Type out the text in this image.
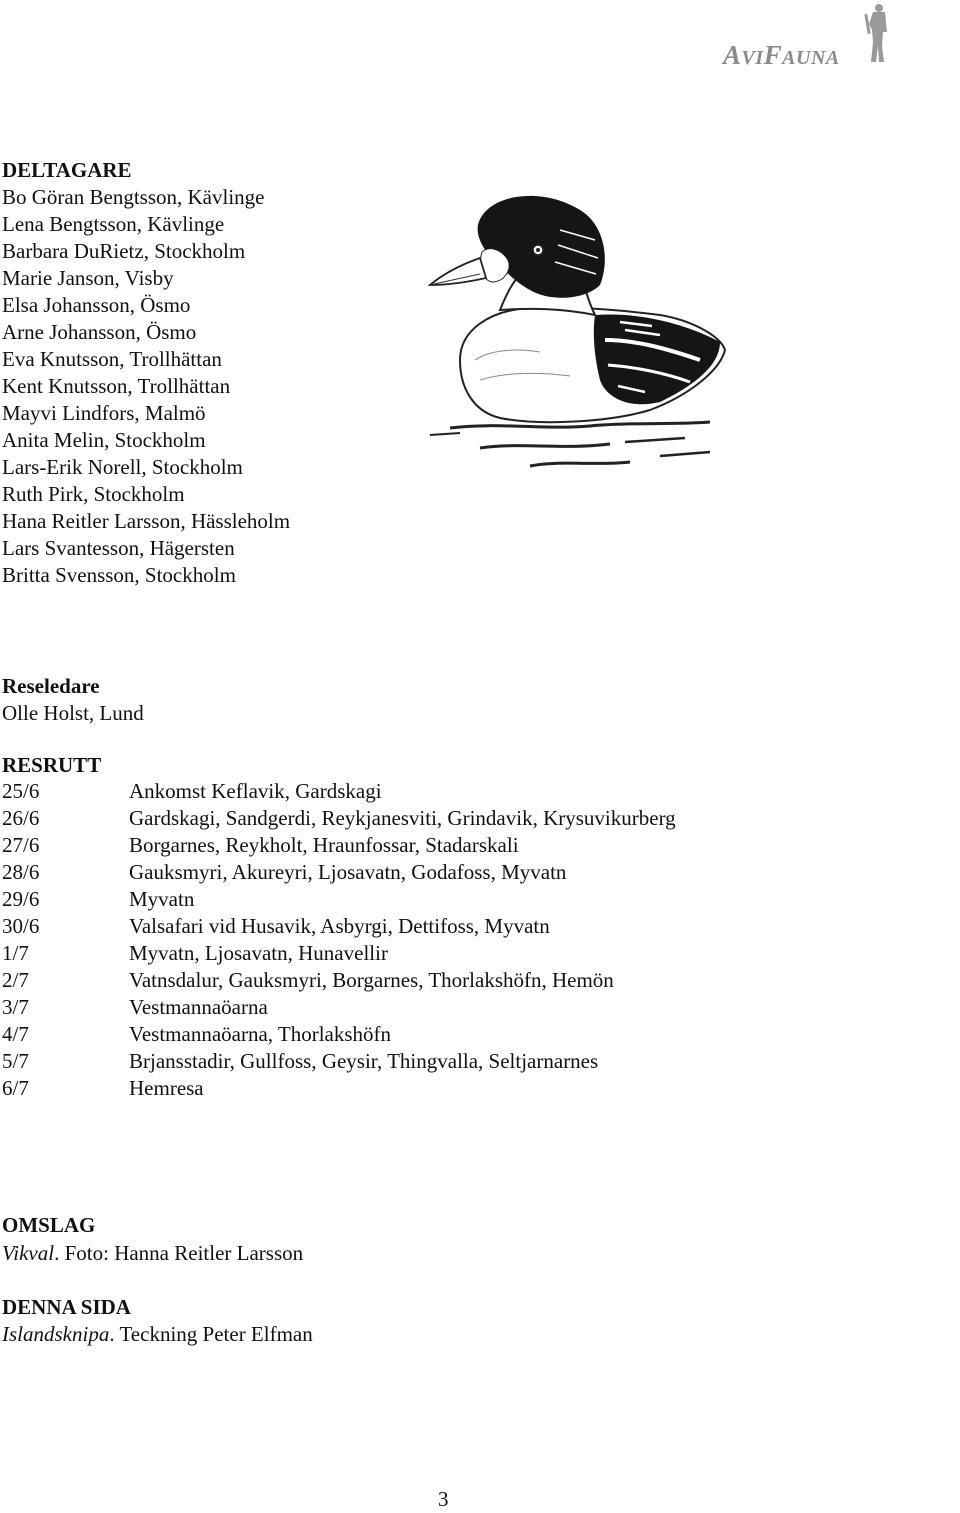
AVIFAUNA
DELTAGARE
Bo Göran Bengtsson, Kävlinge
Lena Bengtsson, Kävlinge
Barbara DuRietz, Stockholm
Marie Janson, Visby
Elsa Johansson, Ösmo
Arne Johansson, Ösmo
Eva Knutsson, Trollhättan
Kent Knutsson, Trollhättan
Mayvi Lindfors, Malmö
Anita Melin, Stockholm
Lars-Erik Norell, Stockholm
Ruth Pirk, Stockholm
Hana Reitler Larsson, Hässleholm
Lars Svantesson, Hägersten
Britta Svensson, Stockholm
Reseledare
Olle Holst, Lund
RESRUTT
25/6	Ankomst Keflavik, Gardskagi
26/6	Gardskagi, Sandgerdi, Reykjanesviti, Grindavik, Krysuvikurberg
27/6	Borgarnes, Reykholt, Hraunfossar, Stadarskali
28/6	Gauksmyri, Akureyri, Ljosavatn, Godafoss, Myvatn
29/6	Myvatn
30/6	Valsafari vid Husavik, Asbyrgi, Dettifoss, Myvatn
1/7	Myvatn, Ljosavatn, Hunavellir
2/7	Vatnsdalur, Gauksmyri, Borgarnes, Thorlakshöfn, Hemön
3/7	Vestmannaöarna
4/7	Vestmannaöarna, Thorlakshöfn
5/7	Brjansstadir, Gullfoss, Geysir, Thingvalla, Seltjarnarnes
6/7	Hemresa
OMSLAG
Vikval. Foto: Hanna Reitler Larsson
DENNA SIDA
Islandsknipa. Teckning Peter Elfman
3
